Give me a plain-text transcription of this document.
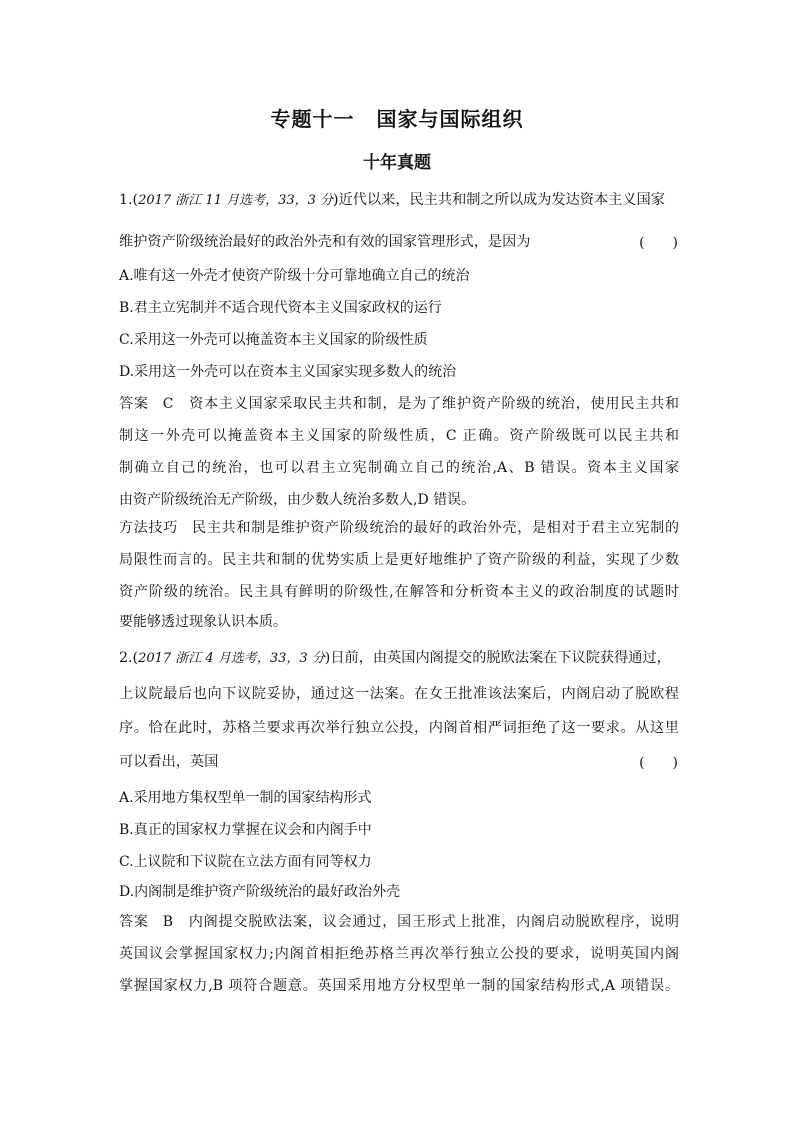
专题十一 国家与国际组织
十年真题
1.(2017 浙江 11 月选考，33，3 分)近代以来，民主共和制之所以成为发达资本主义国家
维护资产阶级统治最好的政治外壳和有效的国家管理形式，是因为	(　　)
A.唯有这一外壳才使资产阶级十分可靠地确立自己的统治
B.君主立宪制并不适合现代资本主义国家政权的运行
C.采用这一外壳可以掩盖资本主义国家的阶级性质
D.采用这一外壳可以在资本主义国家实现多数人的统治
答案 C　资本主义国家采取民主共和制，是为了维护资产阶级的统治，使用民主共和
制这一外壳可以掩盖资本主义国家的阶级性质，C 正确。资产阶级既可以民主共和
制确立自己的统治，也可以君主立宪制确立自己的统治,A、B 错误。资本主义国家
由资产阶级统治无产阶级，由少数人统治多数人,D 错误。
方法技巧 民主共和制是维护资产阶级统治的最好的政治外壳，是相对于君主立宪制的
局限性而言的。民主共和制的优势实质上是更好地维护了资产阶级的利益，实现了少数
资产阶级的统治。民主具有鲜明的阶级性,在解答和分析资本主义的政治制度的试题时
要能够透过现象认识本质。
2.(2017 浙江 4 月选考，33，3 分)日前，由英国内阁提交的脱欧法案在下议院获得通过，
上议院最后也向下议院妥协，通过这一法案。在女王批准该法案后，内阁启动了脱欧程
序。恰在此时，苏格兰要求再次举行独立公投，内阁首相严词拒绝了这一要求。从这里
可以看出，英国	(　　)
A.采用地方集权型单一制的国家结构形式
B.真正的国家权力掌握在议会和内阁手中
C.上议院和下议院在立法方面有同等权力
D.内阁制是维护资产阶级统治的最好政治外壳
答案 B　内阁提交脱欧法案，议会通过，国王形式上批准，内阁启动脱欧程序，说明
英国议会掌握国家权力;内阁首相拒绝苏格兰再次举行独立公投的要求，说明英国内阁
掌握国家权力,B 项符合题意。英国采用地方分权型单一制的国家结构形式,A 项错误。
